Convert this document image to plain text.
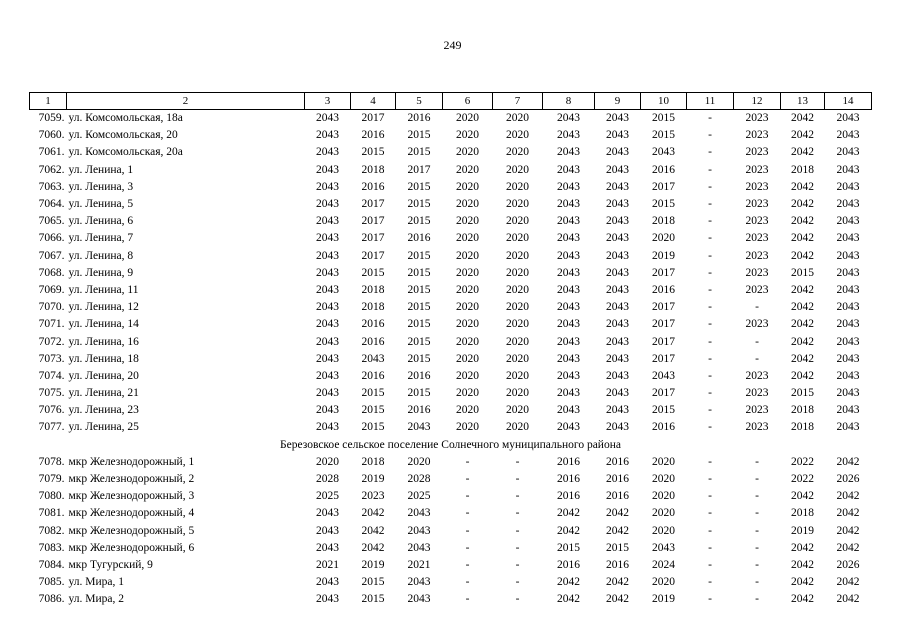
249
1	2	3	4	5	6	7	8	9	10	11	12	13	14
7059.	ул. Комсомольская, 18а	2043	2017	2016	2020	2020	2043	2043	2015	-	2023	2042	2043
7060.	ул. Комсомольская, 20	2043	2016	2015	2020	2020	2043	2043	2015	-	2023	2042	2043
7061.	ул. Комсомольская, 20а	2043	2015	2015	2020	2020	2043	2043	2043	-	2023	2042	2043
7062.	ул. Ленина, 1	2043	2018	2017	2020	2020	2043	2043	2016	-	2023	2018	2043
7063.	ул. Ленина, 3	2043	2016	2015	2020	2020	2043	2043	2017	-	2023	2042	2043
7064.	ул. Ленина, 5	2043	2017	2015	2020	2020	2043	2043	2015	-	2023	2042	2043
7065.	ул. Ленина, 6	2043	2017	2015	2020	2020	2043	2043	2018	-	2023	2042	2043
7066.	ул. Ленина, 7	2043	2017	2016	2020	2020	2043	2043	2020	-	2023	2042	2043
7067.	ул. Ленина, 8	2043	2017	2015	2020	2020	2043	2043	2019	-	2023	2042	2043
7068.	ул. Ленина, 9	2043	2015	2015	2020	2020	2043	2043	2017	-	2023	2015	2043
7069.	ул. Ленина, 11	2043	2018	2015	2020	2020	2043	2043	2016	-	2023	2042	2043
7070.	ул. Ленина, 12	2043	2018	2015	2020	2020	2043	2043	2017	-	-	2042	2043
7071.	ул. Ленина, 14	2043	2016	2015	2020	2020	2043	2043	2017	-	2023	2042	2043
7072.	ул. Ленина, 16	2043	2016	2015	2020	2020	2043	2043	2017	-	-	2042	2043
7073.	ул. Ленина, 18	2043	2043	2015	2020	2020	2043	2043	2017	-	-	2042	2043
7074.	ул. Ленина, 20	2043	2016	2016	2020	2020	2043	2043	2043	-	2023	2042	2043
7075.	ул. Ленина, 21	2043	2015	2015	2020	2020	2043	2043	2017	-	2023	2015	2043
7076.	ул. Ленина, 23	2043	2015	2016	2020	2020	2043	2043	2015	-	2023	2018	2043
7077.	ул. Ленина, 25	2043	2015	2043	2020	2020	2043	2043	2016	-	2023	2018	2043
Березовское сельское поселение Солнечного муниципального района													
7078.	мкр Железнодорожный, 1	2020	2018	2020	-	-	2016	2016	2020	-	-	2022	2042
7079.	мкр Железнодорожный, 2	2028	2019	2028	-	-	2016	2016	2020	-	-	2022	2026
7080.	мкр Железнодорожный, 3	2025	2023	2025	-	-	2016	2016	2020	-	-	2042	2042
7081.	мкр Железнодорожный, 4	2043	2042	2043	-	-	2042	2042	2020	-	-	2018	2042
7082.	мкр Железнодорожный, 5	2043	2042	2043	-	-	2042	2042	2020	-	-	2019	2042
7083.	мкр Железнодорожный, 6	2043	2042	2043	-	-	2015	2015	2043	-	-	2042	2042
7084.	мкр Тугурский, 9	2021	2019	2021	-	-	2016	2016	2024	-	-	2042	2026
7085.	ул. Мира, 1	2043	2015	2043	-	-	2042	2042	2020	-	-	2042	2042
7086.	ул. Мира, 2	2043	2015	2043	-	-	2042	2042	2019	-	-	2042	2042
